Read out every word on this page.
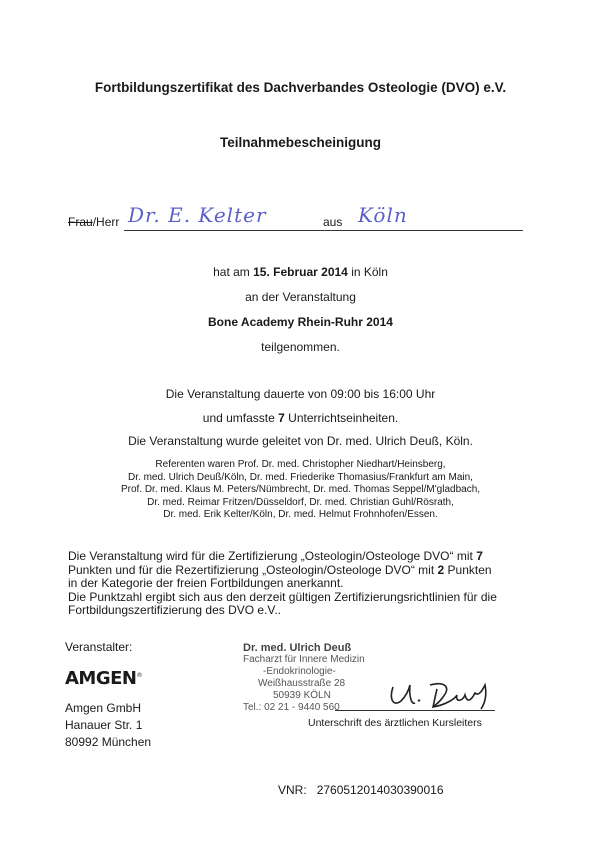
Fortbildungszertifikat des Dachverbandes Osteologie (DVO) e.V.
Teilnahmebescheinigung
Frau/Herr Dr. E. Kelter	aus Köln
hat am 15. Februar 2014 in Köln
an der Veranstaltung
Bone Academy Rhein-Ruhr 2014
teilgenommen.
Die Veranstaltung dauerte von 09:00 bis 16:00 Uhr
und umfasste 7 Unterrichtseinheiten.
Die Veranstaltung wurde geleitet von Dr. med. Ulrich Deuß, Köln.
Referenten waren Prof. Dr. med. Christopher Niedhart/Heinsberg,
Dr. med. Ulrich Deuß/Köln, Dr. med. Friederike Thomasius/Frankfurt am Main,
Prof. Dr. med. Klaus M. Peters/Nümbrecht, Dr. med. Thomas Seppel/M'gladbach,
Dr. med. Reimar Fritzen/Düsseldorf, Dr. med. Christian Guhl/Rösrath,
Dr. med. Erik Kelter/Köln, Dr. med. Helmut Frohnhofen/Essen.
Die Veranstaltung wird für die Zertifizierung „Osteologin/Osteologe DVO“ mit 7
Punkten und für die Rezertifizierung „Osteologin/Osteologe DVO“ mit 2 Punkten
in der Kategorie der freien Fortbildungen anerkannt.
Die Punktzahl ergibt sich aus den derzeit gültigen Zertifizierungsrichtlinien für die
Fortbildungszertifizierung des DVO e.V..
Veranstalter:
AMGEN®
Amgen GmbH
Hanauer Str. 1
80992 München
Dr. med. Ulrich Deuß
Facharzt für Innere Medizin
-Endokrinologie-
Weißhausstraße 28
50939 KÖLN
Tel.: 02 21 - 9440 560
Unterschrift des ärztlichen Kursleiters
VNR: 2760512014030390016
